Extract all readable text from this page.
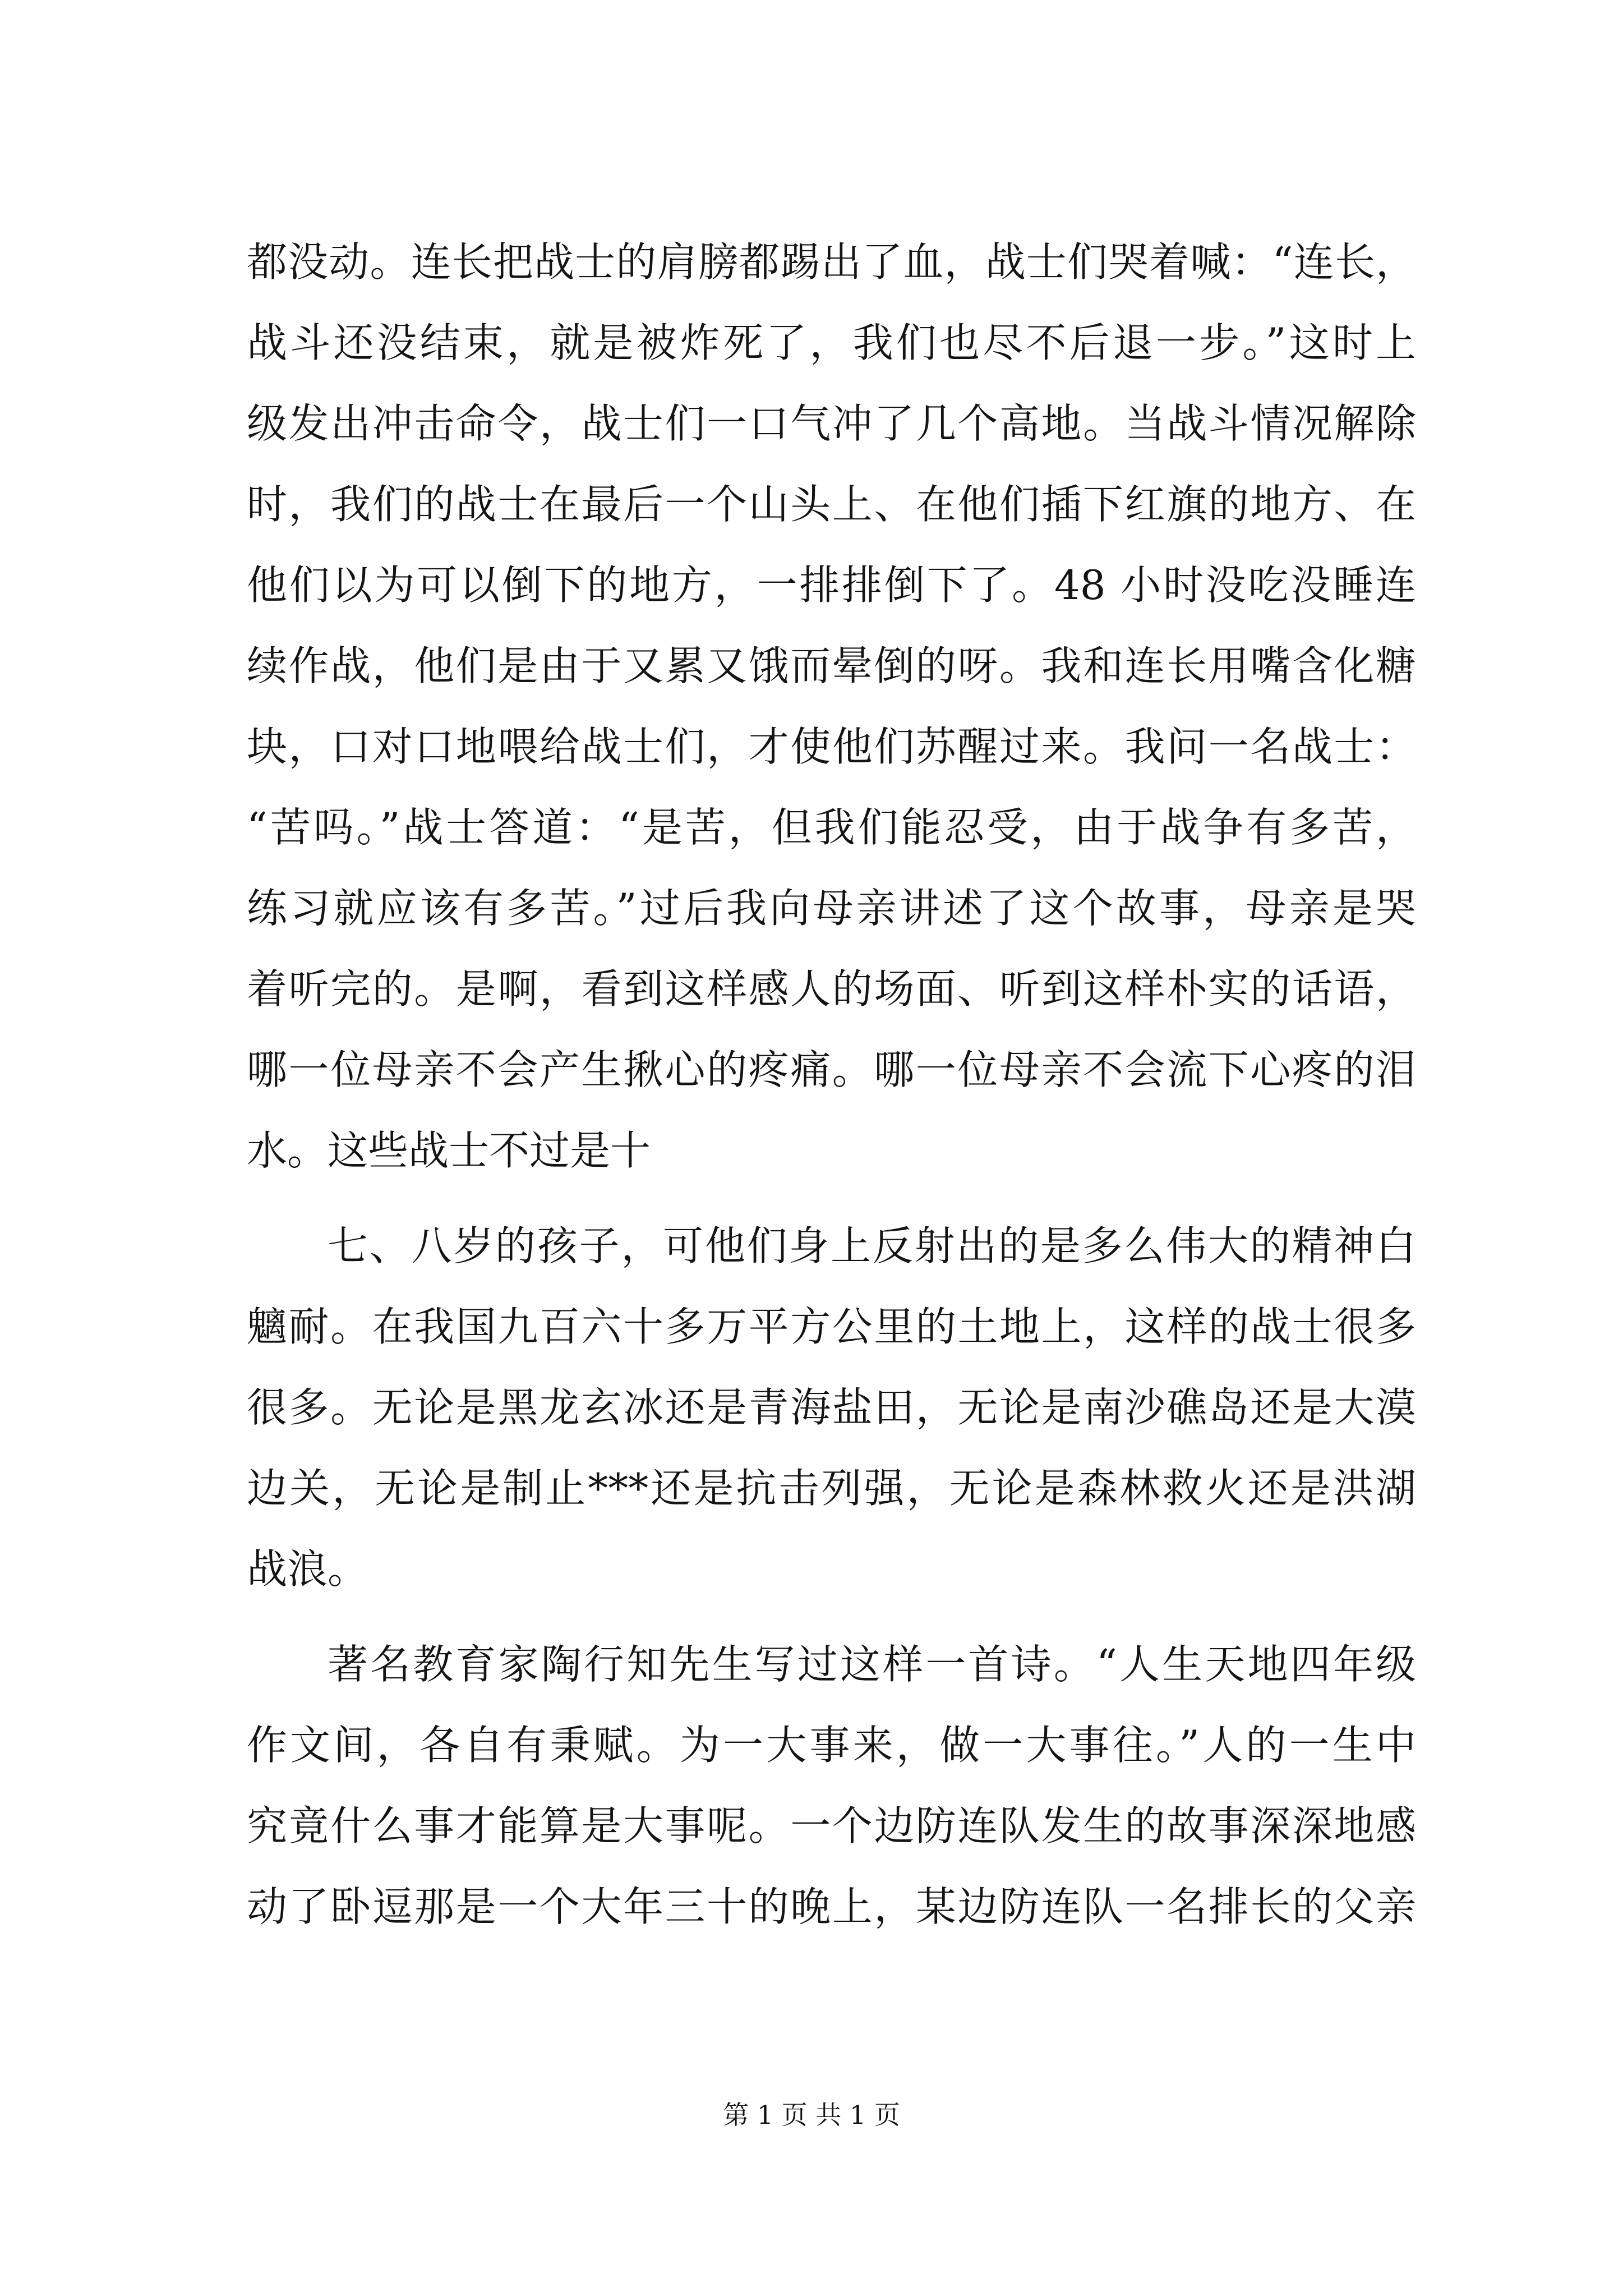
都没动。连长把战士的肩膀都踢出了血，战士们哭着喊：“连长，
战斗还没结束，就是被炸死了，我们也尽不后退一步。”这时上
级发出冲击命令，战士们一口气冲了几个高地。当战斗情况解除
时，我们的战士在最后一个山头上、在他们插下红旗的地方、在
他们以为可以倒下的地方，一排排倒下了。48 小时没吃没睡连
续作战，他们是由于又累又饿而晕倒的呀。我和连长用嘴含化糖
块，口对口地喂给战士们，才使他们苏醒过来。我问一名战士：
“苦吗。”战士答道：“是苦，但我们能忍受，由于战争有多苦，
练习就应该有多苦。”过后我向母亲讲述了这个故事，母亲是哭
着听完的。是啊，看到这样感人的场面、听到这样朴实的话语，
哪一位母亲不会产生揪心的疼痛。哪一位母亲不会流下心疼的泪
水。这些战士不过是十
七、八岁的孩子，可他们身上反射出的是多么伟大的精神白
魑耐。在我国九百六十多万平方公里的土地上，这样的战士很多
很多。无论是黑龙玄冰还是青海盐田，无论是南沙礁岛还是大漠
边关，无论是制止***还是抗击列强，无论是森林救火还是洪湖
战浪。
著名教育家陶行知先生写过这样一首诗。“人生天地四年级
作文间，各自有秉赋。为一大事来，做一大事往。”人的一生中
究竟什么事才能算是大事呢。一个边防连队发生的故事深深地感
动了卧逗那是一个大年三十的晚上，某边防连队一名排长的父亲
第 1 页 共 1 页
